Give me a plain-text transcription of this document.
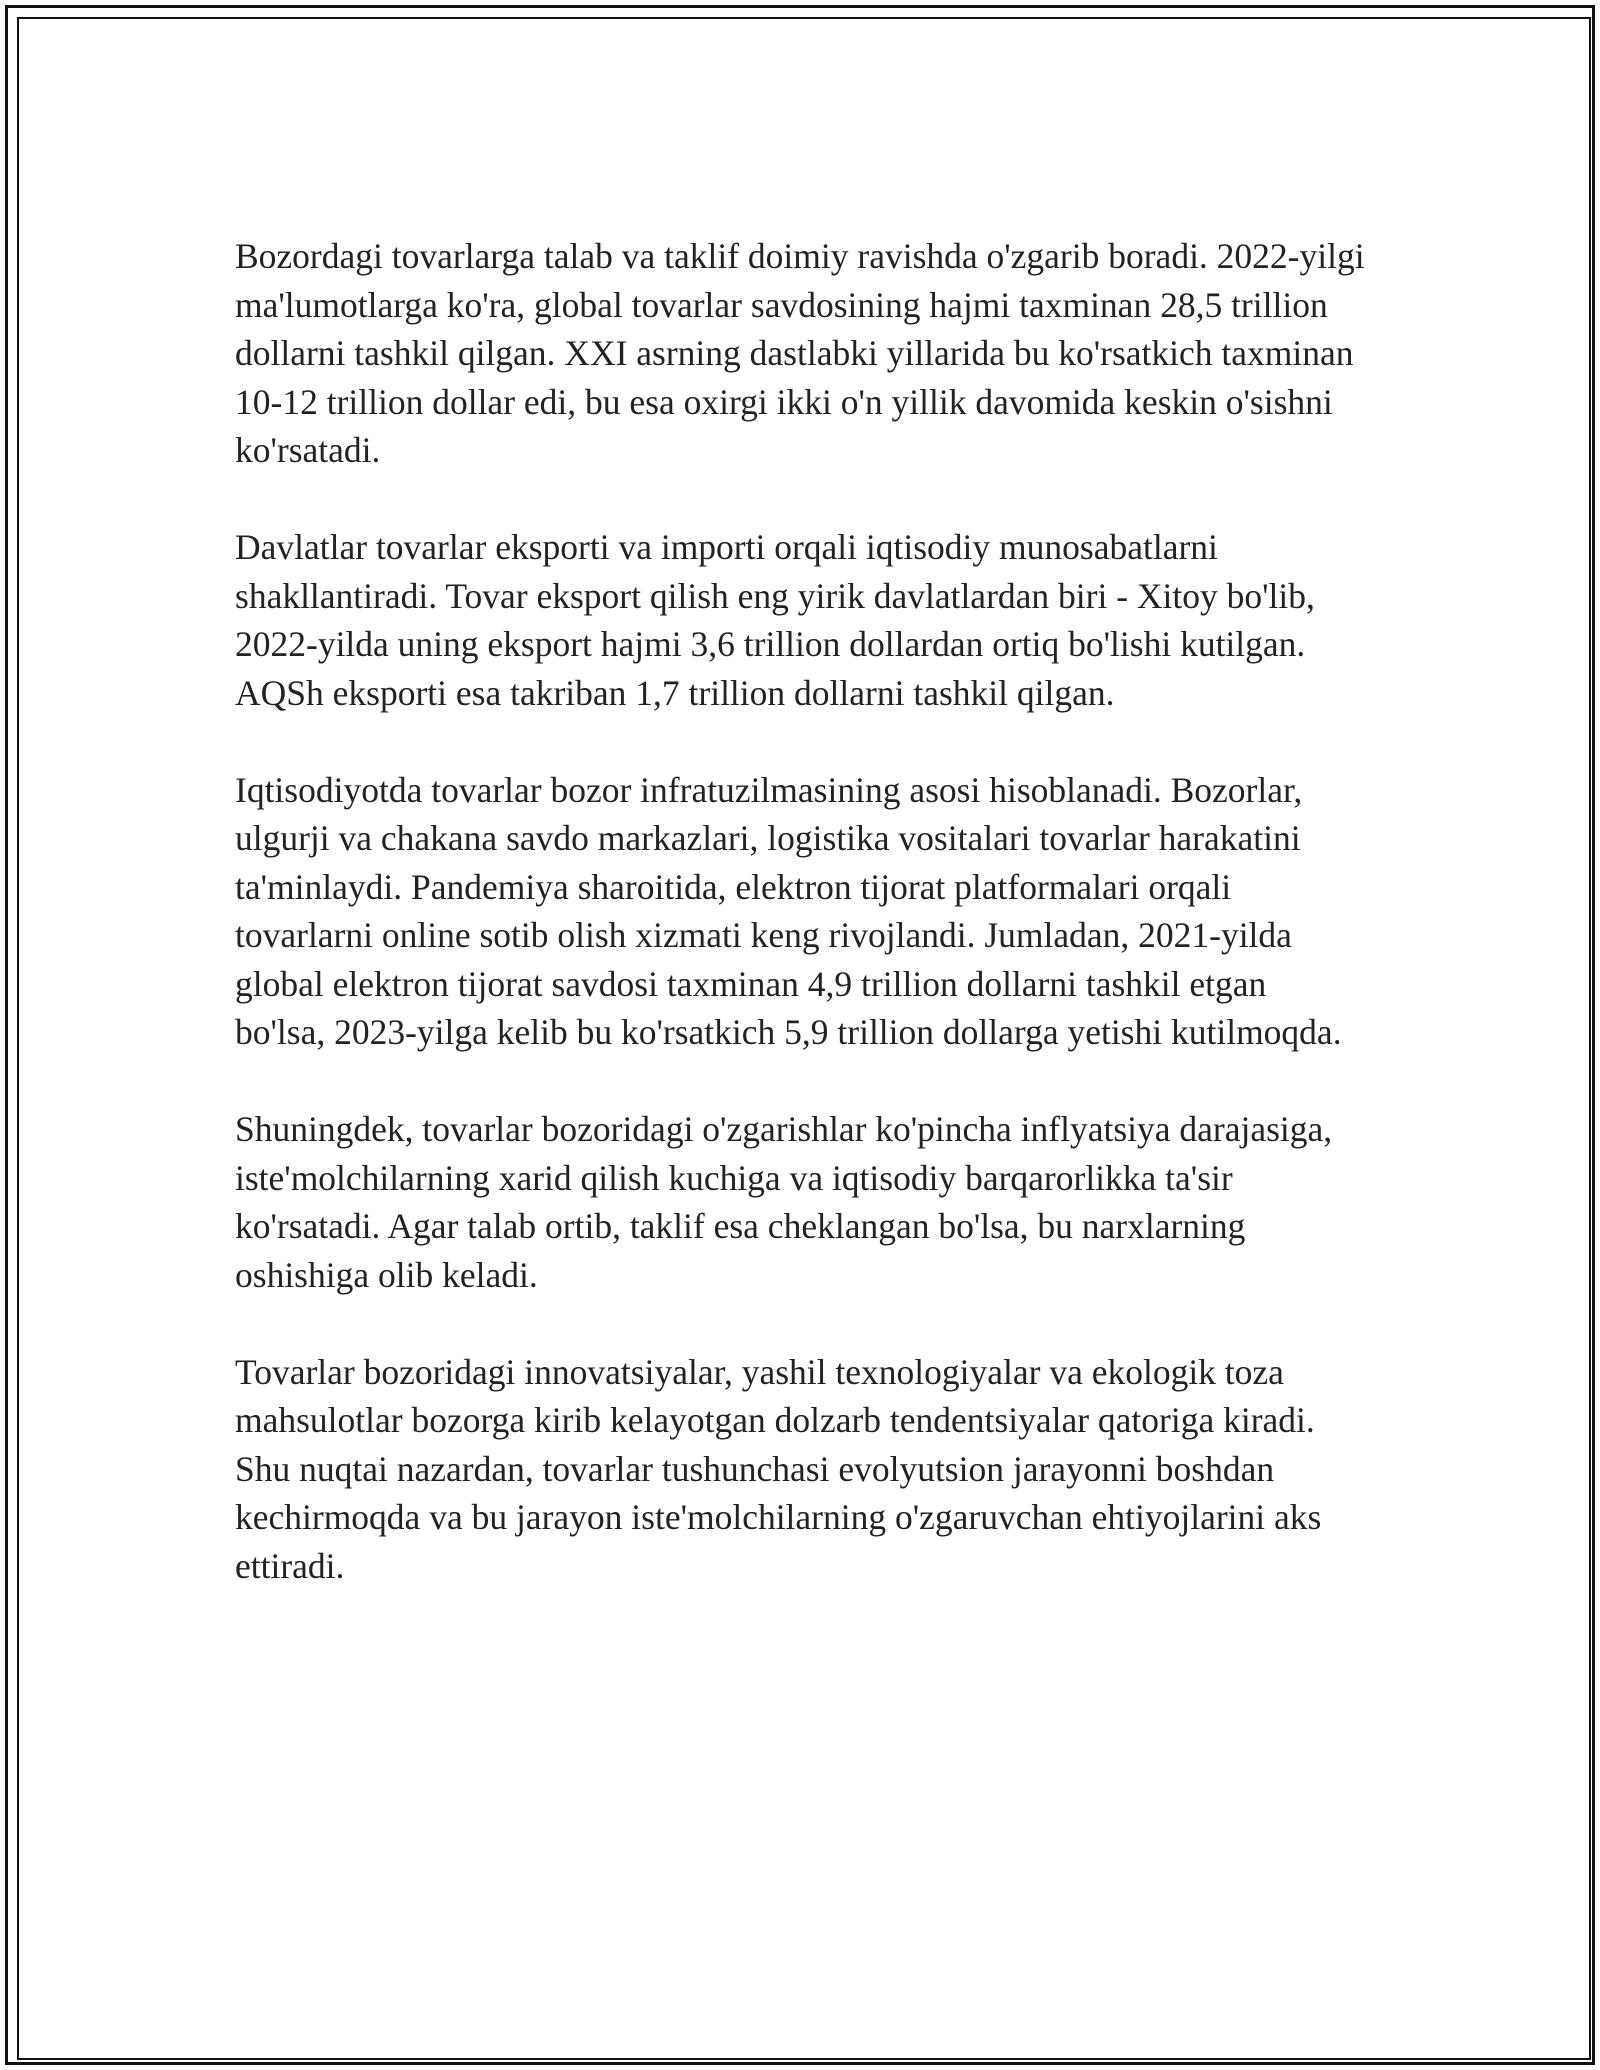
Bozordagi tovarlarga talab va taklif doimiy ravishda o'zgarib boradi. 2022-yilgi ma'lumotlarga ko'ra, global tovarlar savdosining hajmi taxminan 28,5 trillion dollarni tashkil qilgan. XXI asrning dastlabki yillarida bu ko'rsatkich taxminan 10-12 trillion dollar edi, bu esa oxirgi ikki o'n yillik davomida keskin o'sishni ko'rsatadi.

Davlatlar tovarlar eksporti va importi orqali iqtisodiy munosabatlarni shakllantiradi. Tovar eksport qilish eng yirik davlatlardan biri - Xitoy bo'lib, 2022-yilda uning eksport hajmi 3,6 trillion dollardan ortiq bo'lishi kutilgan. AQSh eksporti esa takriban 1,7 trillion dollarni tashkil qilgan.

Iqtisodiyotda tovarlar bozor infratuzilmasining asosi hisoblanadi. Bozorlar, ulgurji va chakana savdo markazlari, logistika vositalari tovarlar harakatini ta'minlaydi. Pandemiya sharoitida, elektron tijorat platformalari orqali tovarlarni online sotib olish xizmati keng rivojlandi. Jumladan, 2021-yilda global elektron tijorat savdosi taxminan 4,9 trillion dollarni tashkil etgan bo'lsa, 2023-yilga kelib bu ko'rsatkich 5,9 trillion dollarga yetishi kutilmoqda.

Shuningdek, tovarlar bozoridagi o'zgarishlar ko'pincha inflyatsiya darajasiga, iste'molchilarning xarid qilish kuchiga va iqtisodiy barqarorlikka ta'sir ko'rsatadi. Agar talab ortib, taklif esa cheklangan bo'lsa, bu narxlarning oshishiga olib keladi.

Tovarlar bozoridagi innovatsiyalar, yashil texnologiyalar va ekologik toza mahsulotlar bozorga kirib kelayotgan dolzarb tendentsiyalar qatoriga kiradi. Shu nuqtai nazardan, tovarlar tushunchasi evolyutsion jarayonni boshdan kechirmoqda va bu jarayon iste'molchilarning o'zgaruvchan ehtiyojlarini aks ettiradi.
